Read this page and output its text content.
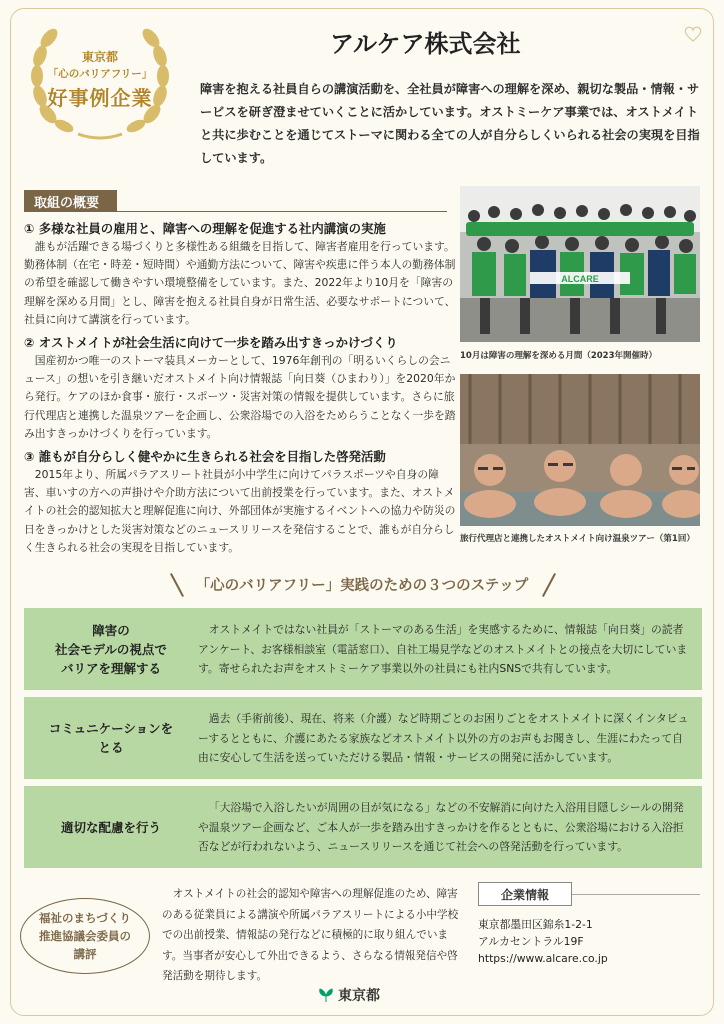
東京都
「心のバリアフリー」
好事例企業
アルケア株式会社

障害を抱える社員自らの講演活動を、全社員が障害への理解を深め、親切な製品・情報・サービスを研ぎ澄ませていくことに活かしています。オストミーケア事業では、オストメイトと共に歩むことを通じてストーマに関わる全ての人が自分らしくいられる社会の実現を目指しています。

取組の概要
① 多様な社員の雇用と、障害への理解を促進する社内講演の実施

誰もが活躍できる場づくりと多様性ある組織を目指して、障害者雇用を行っています。勤務体制（在宅・時差・短時間）や通勤方法について、障害や疾患に伴う本人の勤務体制の希望を確認して働きやすい環境整備をしています。また、2022年より10月を「障害の理解を深める月間」とし、障害を抱える社員自身が日常生活、必要なサポートについて、社員に向けて講演を行っています。

② オストメイトが社会生活に向けて一歩を踏み出すきっかけづくり

国産初かつ唯一のストーマ装具メーカーとして、1976年創刊の「明るいくらしの会ニュース」の想いを引き継いだオストメイト向け情報誌「向日葵（ひまわり）」を2020年から発行。ケアのほか食事・旅行・スポーツ・災害対策の情報を提供しています。さらに旅行代理店と連携した温泉ツアーを企画し、公衆浴場での入浴をためらうことなく一歩を踏み出すきっかけづくりを行っています。

③ 誰もが自分らしく健やかに生きられる社会を目指した啓発活動

2015年より、所属パラアスリート社員が小中学生に向けてパラスポーツや自身の障害、車いすの方への声掛けや介助方法について出前授業を行っています。また、オストメイトの社会的認知拡大と理解促進に向け、外部団体が実施するイベントへの協力や防災の日をきっかけとした災害対策などのニュースリリースを発信することで、誰もが自分らしく生きられる社会の実現を目指しています。

ALCARE
10月は障害の理解を深める月間（2023年開催時）
旅行代理店と連携したオストメイト向け温泉ツアー（第1回）
「心のバリアフリー」実践のための３つのステップ
障害の
社会モデルの視点で
バリアを理解する

オストメイトではない社員が「ストーマのある生活」を実感するために、情報誌「向日葵」の読者アンケート、お客様相談室（電話窓口）、自社工場見学などのオストメイトとの接点を大切にしています。寄せられたお声をオストミーケア事業以外の社員にも社内SNSで共有しています。

コミュニケーションを
とる

過去（手術前後）、現在、将来（介護）など時期ごとのお困りごとをオストメイトに深くインタビューするとともに、介護にあたる家族などオストメイト以外の方のお声もお聞きし、生涯にわたって自由に安心して生活を送っていただける製品・情報・サービスの開発に活かしています。

適切な配慮を行う

「大浴場で入浴したいが周囲の目が気になる」などの不安解消に向けた入浴用目隠しシールの開発や温泉ツアー企画など、ご本人が一歩を踏み出すきっかけを作るとともに、公衆浴場における入浴拒否などが行われないよう、ニュースリリースを通じて社会への啓発活動を行っています。

福祉のまちづくり
推進協議会委員の
講評

オストメイトの社会的認知や障害への理解促進のため、障害のある従業員による講演や所属パラアスリートによる小中学校での出前授業、情報誌の発行などに積極的に取り組んでいます。当事者が安心して外出できるよう、さらなる情報発信や啓発活動を期待します。

企業情報
東京都墨田区錦糸1-2-1
アルカセントラル19F
https://www.alcare.co.jp
東京都
